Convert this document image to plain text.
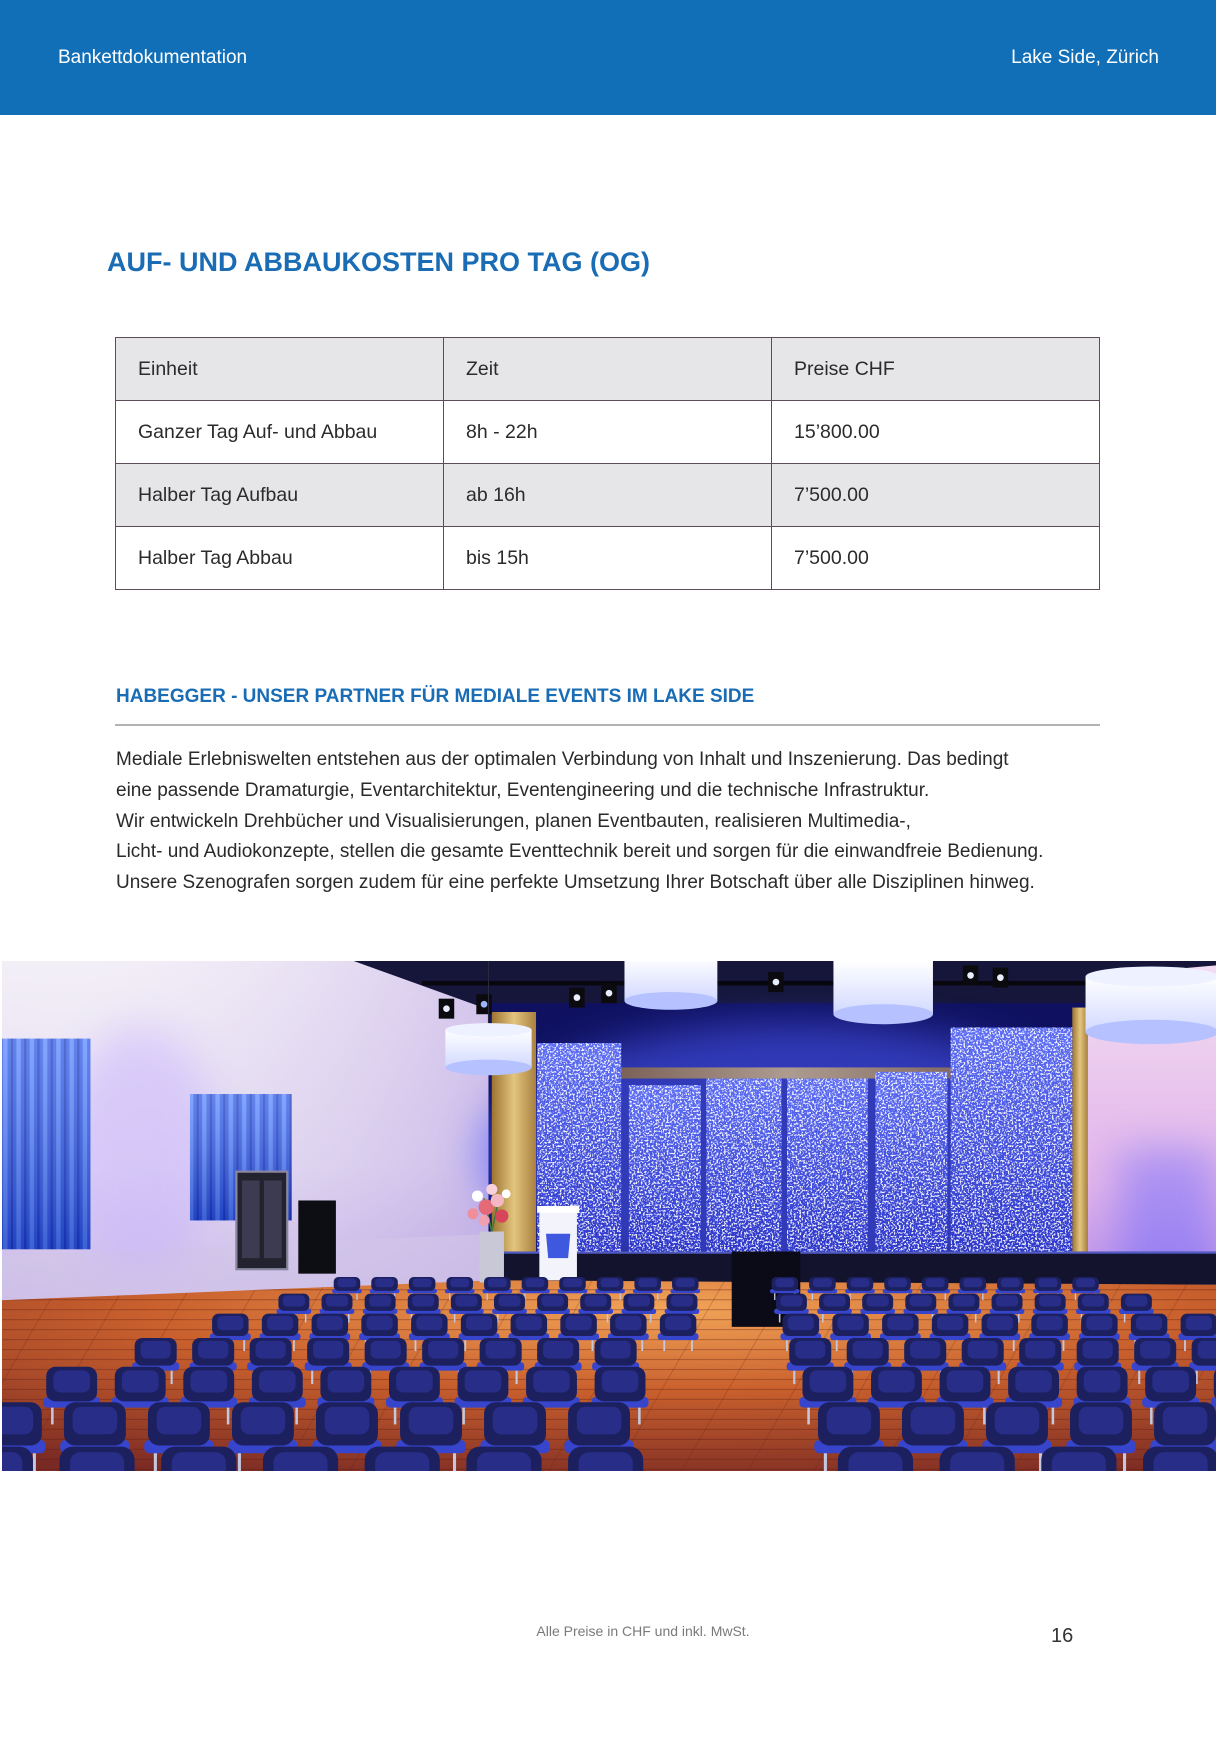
Bankettdokumentation	Lake Side, Zürich
AUF- UND ABBAUKOSTEN PRO TAG (OG)
Einheit	Zeit	Preise CHF
Ganzer Tag Auf- und Abbau	8h - 22h	15’800.00
Halber Tag Aufbau	ab 16h	7’500.00
Halber Tag Abbau	bis 15h	7’500.00
HABEGGER - UNSER PARTNER FÜR MEDIALE EVENTS IM LAKE SIDE
Mediale Erlebniswelten entstehen aus der optimalen Verbindung von Inhalt und Inszenierung. Das bedingt
eine passende Dramaturgie, Eventarchitektur, Eventengineering und die technische Infrastruktur.
Wir entwickeln Drehbücher und Visualisierungen, planen Eventbauten, realisieren Multimedia-,
Licht- und Audiokonzepte, stellen die gesamte Eventtechnik bereit und sorgen für die einwandfreie Bedienung.
Unsere Szenografen sorgen zudem für eine perfekte Umsetzung Ihrer Botschaft über alle Disziplinen hinweg.
Alle Preise in CHF und inkl. MwSt.	16
